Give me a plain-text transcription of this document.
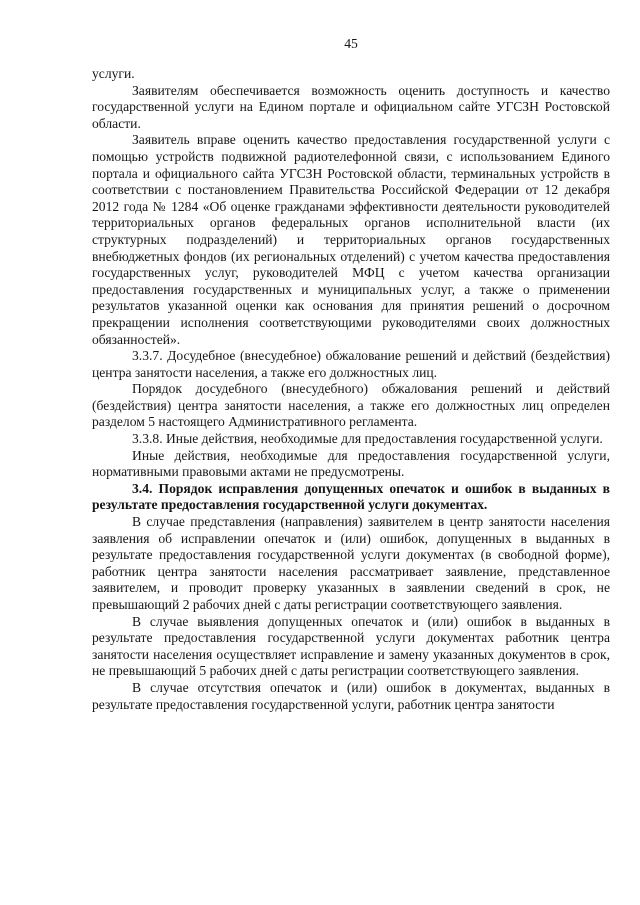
45

услуги.

Заявителям обеспечивается возможность оценить доступность и качество государственной услуги на Едином портале и официальном сайте УГСЗН Ростовской области.

Заявитель вправе оценить качество предоставления государственной услуги с помощью устройств подвижной радиотелефонной связи, с использованием Единого портала и официального сайта УГСЗН Ростовской области, терминальных устройств в соответствии с постановлением Правительства Российской Федерации от 12 декабря 2012 года № 1284 «Об оценке гражданами эффективности деятельности руководителей территориальных органов федеральных органов исполнительной власти (их структурных подразделений) и территориальных органов государственных внебюджетных фондов (их региональных отделений) с учетом качества предоставления государственных услуг, руководителей МФЦ с учетом качества организации предоставления государственных и муниципальных услуг, а также о применении результатов указанной оценки как основания для принятия решений о досрочном прекращении исполнения соответствующими руководителями своих должностных обязанностей».

3.3.7. Досудебное (внесудебное) обжалование решений и действий (бездействия) центра занятости населения, а также его должностных лиц.

Порядок досудебного (внесудебного) обжалования решений и действий (бездействия) центра занятости населения, а также его должностных лиц определен разделом 5 настоящего Административного регламента.

3.3.8. Иные действия, необходимые для предоставления государственной услуги.

Иные действия, необходимые для предоставления государственной услуги, нормативными правовыми актами не предусмотрены.

3.4. Порядок исправления допущенных опечаток и ошибок в выданных в результате предоставления государственной услуги документах.

В случае представления (направления) заявителем в центр занятости населения заявления об исправлении опечаток и (или) ошибок, допущенных в выданных в результате предоставления государственной услуги документах (в свободной форме), работник центра занятости населения рассматривает заявление, представленное заявителем, и проводит проверку указанных в заявлении сведений в срок, не превышающий 2 рабочих дней с даты регистрации соответствующего заявления.

В случае выявления допущенных опечаток и (или) ошибок в выданных в результате предоставления государственной услуги документах работник центра занятости населения осуществляет исправление и замену указанных документов в срок, не превышающий 5 рабочих дней с даты регистрации соответствующего заявления.

В случае отсутствия опечаток и (или) ошибок в документах, выданных в результате предоставления государственной услуги, работник центра занятости
